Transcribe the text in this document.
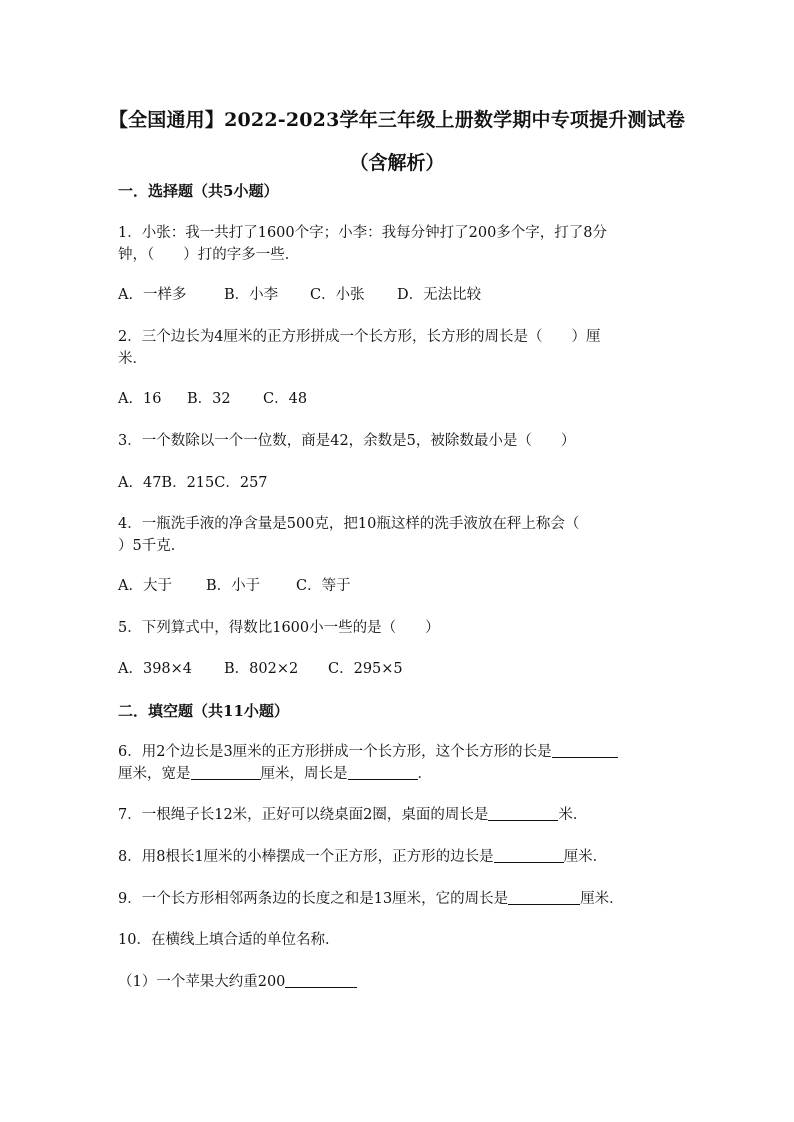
【全国通用】2022-2023学年三年级上册数学期中专项提升测试卷
（含解析）
一．选择题（共5小题）
1．小张：我一共打了1600个字；小李：我每分钟打了200多个字，打了8分
钟，（　　）打的字多一些．
A．一样多	B．小李 C．小张 D．无法比较
2．三个边长为4厘米的正方形拼成一个长方形，长方形的周长是（　　）厘
米．
A．16 B．32 C．48
3．一个数除以一个一位数，商是42，余数是5，被除数最小是（　　）
A．47B．215C．257
4．一瓶洗手液的净含量是500克，把10瓶这样的洗手液放在秤上称会（
）5千克．
A．大于 B．小于 C．等于
5．下列算式中，得数比1600小一些的是（　　）
A．398×4 B．802×2 C．295×5
二．填空题（共11小题）
6．用2个边长是3厘米的正方形拼成一个长方形，这个长方形的长是
厘米，宽是	厘米，周长是	．
7．一根绳子长12米，正好可以绕桌面2圈，桌面的周长是	米．
8．用8根长1厘米的小棒摆成一个正方形，正方形的边长是	厘米．
9．一个长方形相邻两条边的长度之和是13厘米，它的周长是	厘米．
10．在横线上填合适的单位名称．
（1）一个苹果大约重200
